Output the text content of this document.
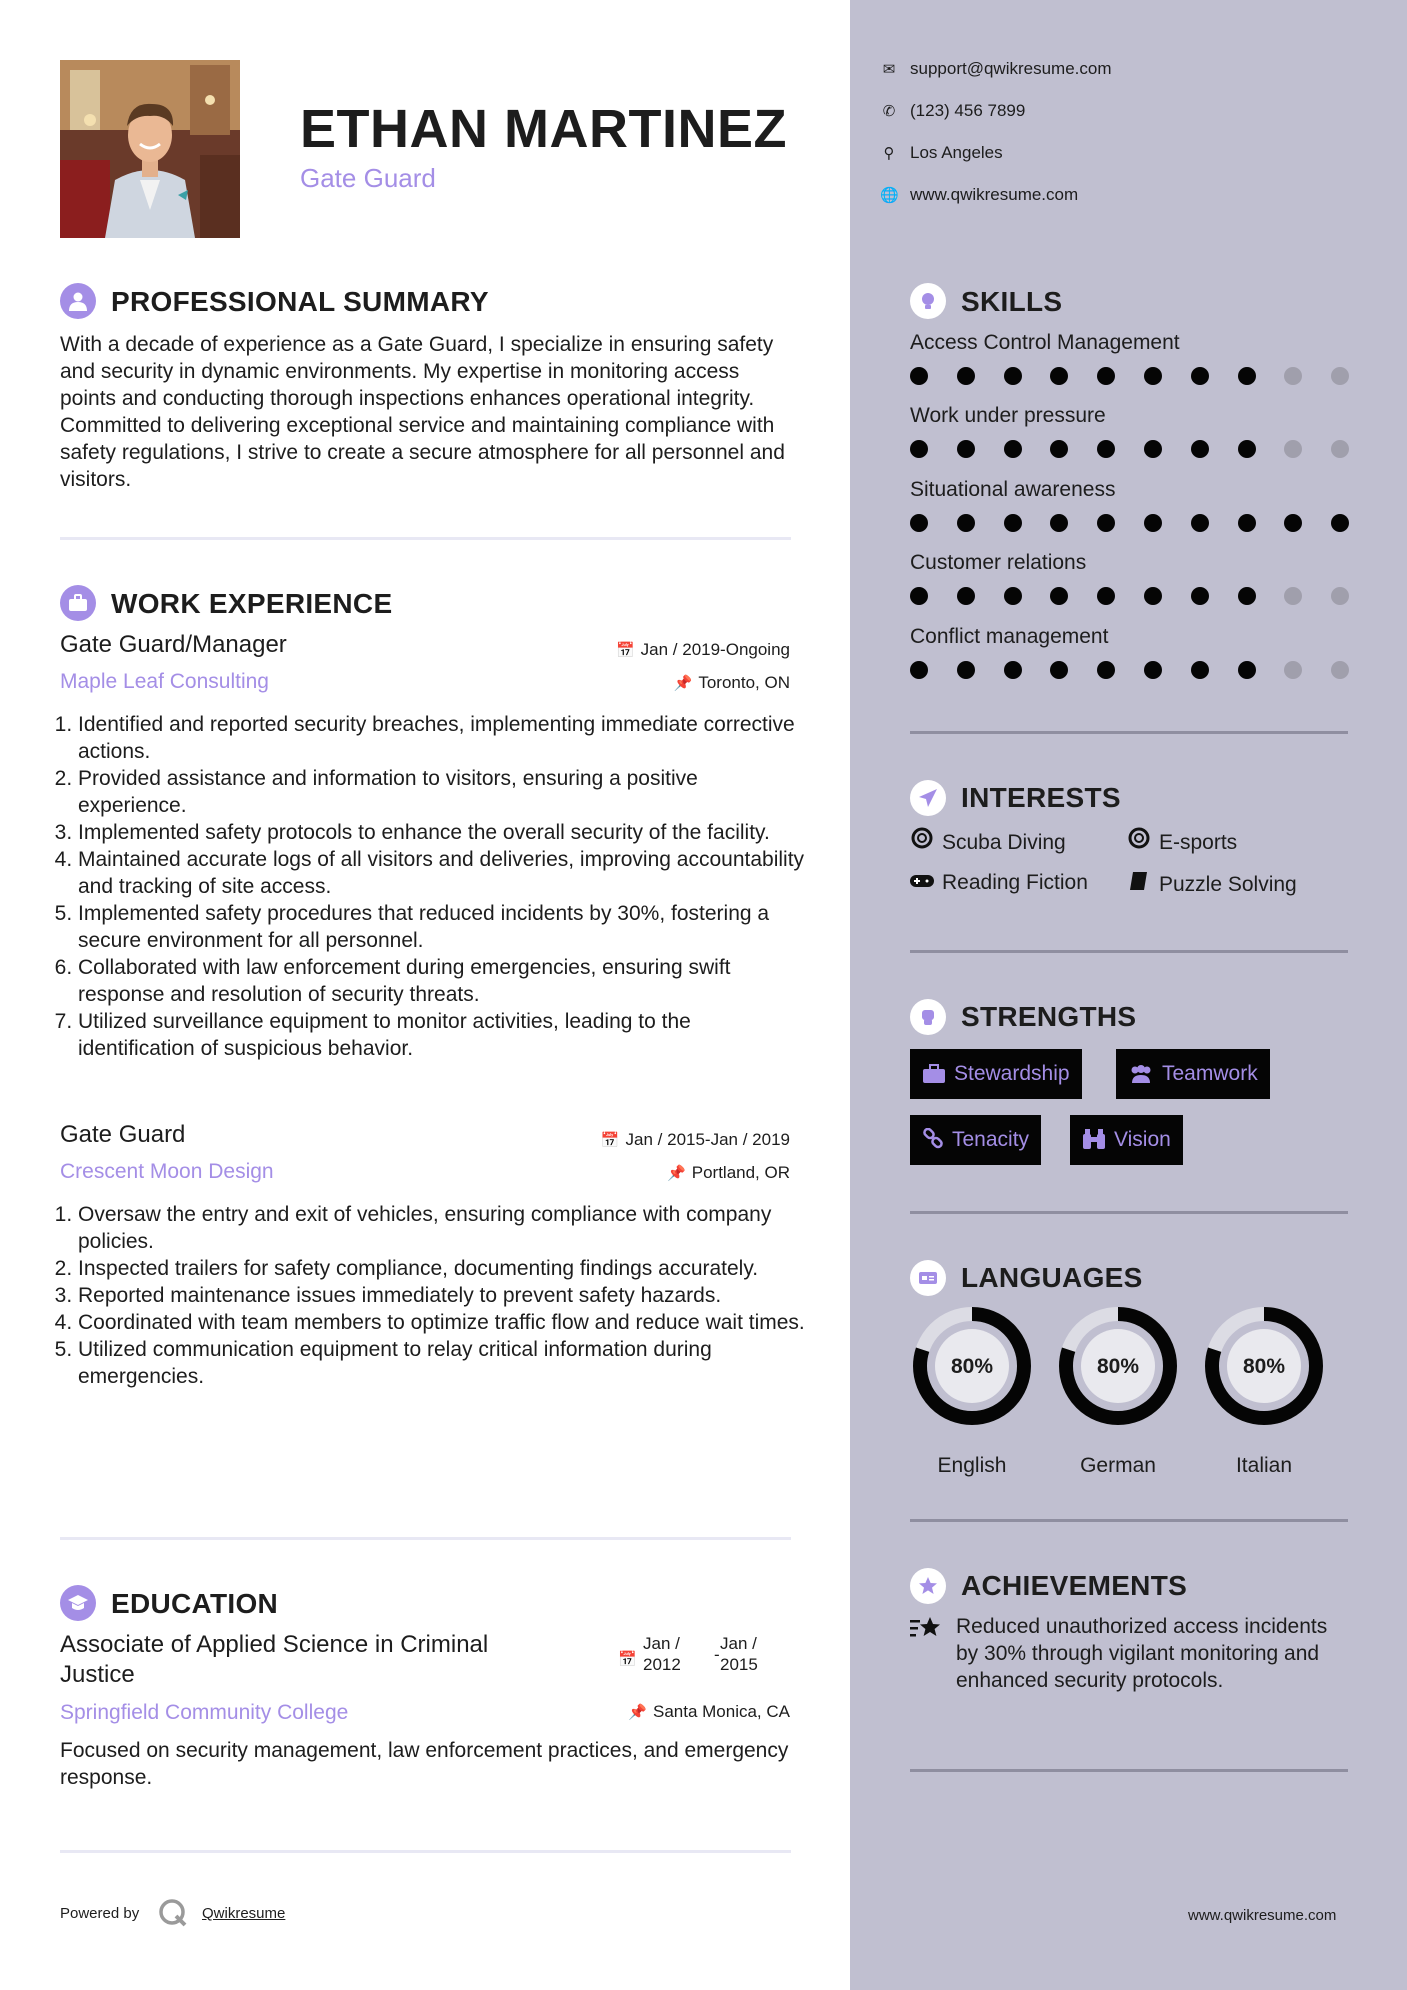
ETHAN MARTINEZ
Gate Guard
PROFESSIONAL SUMMARY
With a decade of experience as a Gate Guard, I specialize in ensuring safety and security in dynamic environments. My expertise in monitoring access points and conducting thorough inspections enhances operational integrity. Committed to delivering exceptional service and maintaining compliance with safety regulations, I strive to create a secure atmosphere for all personnel and visitors.
WORK EXPERIENCE
Gate Guard/Manager	📅 Jan / 2019-Ongoing
Maple Leaf Consulting	📌 Toronto, ON
1. Identified and reported security breaches, implementing immediate corrective actions.
2. Provided assistance and information to visitors, ensuring a positive experience.
3. Implemented safety protocols to enhance the overall security of the facility.
4. Maintained accurate logs of all visitors and deliveries, improving accountability and tracking of site access.
5. Implemented safety procedures that reduced incidents by 30%, fostering a secure environment for all personnel.
6. Collaborated with law enforcement during emergencies, ensuring swift response and resolution of security threats.
7. Utilized surveillance equipment to monitor activities, leading to the identification of suspicious behavior.
Gate Guard	📅 Jan / 2015-Jan / 2019
Crescent Moon Design	📌 Portland, OR
1. Oversaw the entry and exit of vehicles, ensuring compliance with company policies.
2. Inspected trailers for safety compliance, documenting findings accurately.
3. Reported maintenance issues immediately to prevent safety hazards.
4. Coordinated with team members to optimize traffic flow and reduce wait times.
5. Utilized communication equipment to relay critical information during emergencies.
EDUCATION
Associate of Applied Science in Criminal
Justice
📅
Jan /
2012
-
Jan /
2015
Springfield Community College	📌 Santa Monica, CA
Focused on security management, law enforcement practices, and emergency response.
Powered by	Qwikresume
✉ support@qwikresume.com
✆ (123) 456 7899
⚲ Los Angeles
🌐 www.qwikresume.com
SKILLS
Access Control Management
Work under pressure
Situational awareness
Customer relations
Conflict management
INTERESTS
Scuba Diving	E-sports
Reading Fiction	Puzzle Solving
STRENGTHS
Stewardship	Teamwork
Tenacity	Vision
LANGUAGES
80%
English
80%
German
80%
Italian
ACHIEVEMENTS
Reduced unauthorized access incidents by 30% through vigilant monitoring and enhanced security protocols.
www.qwikresume.com
